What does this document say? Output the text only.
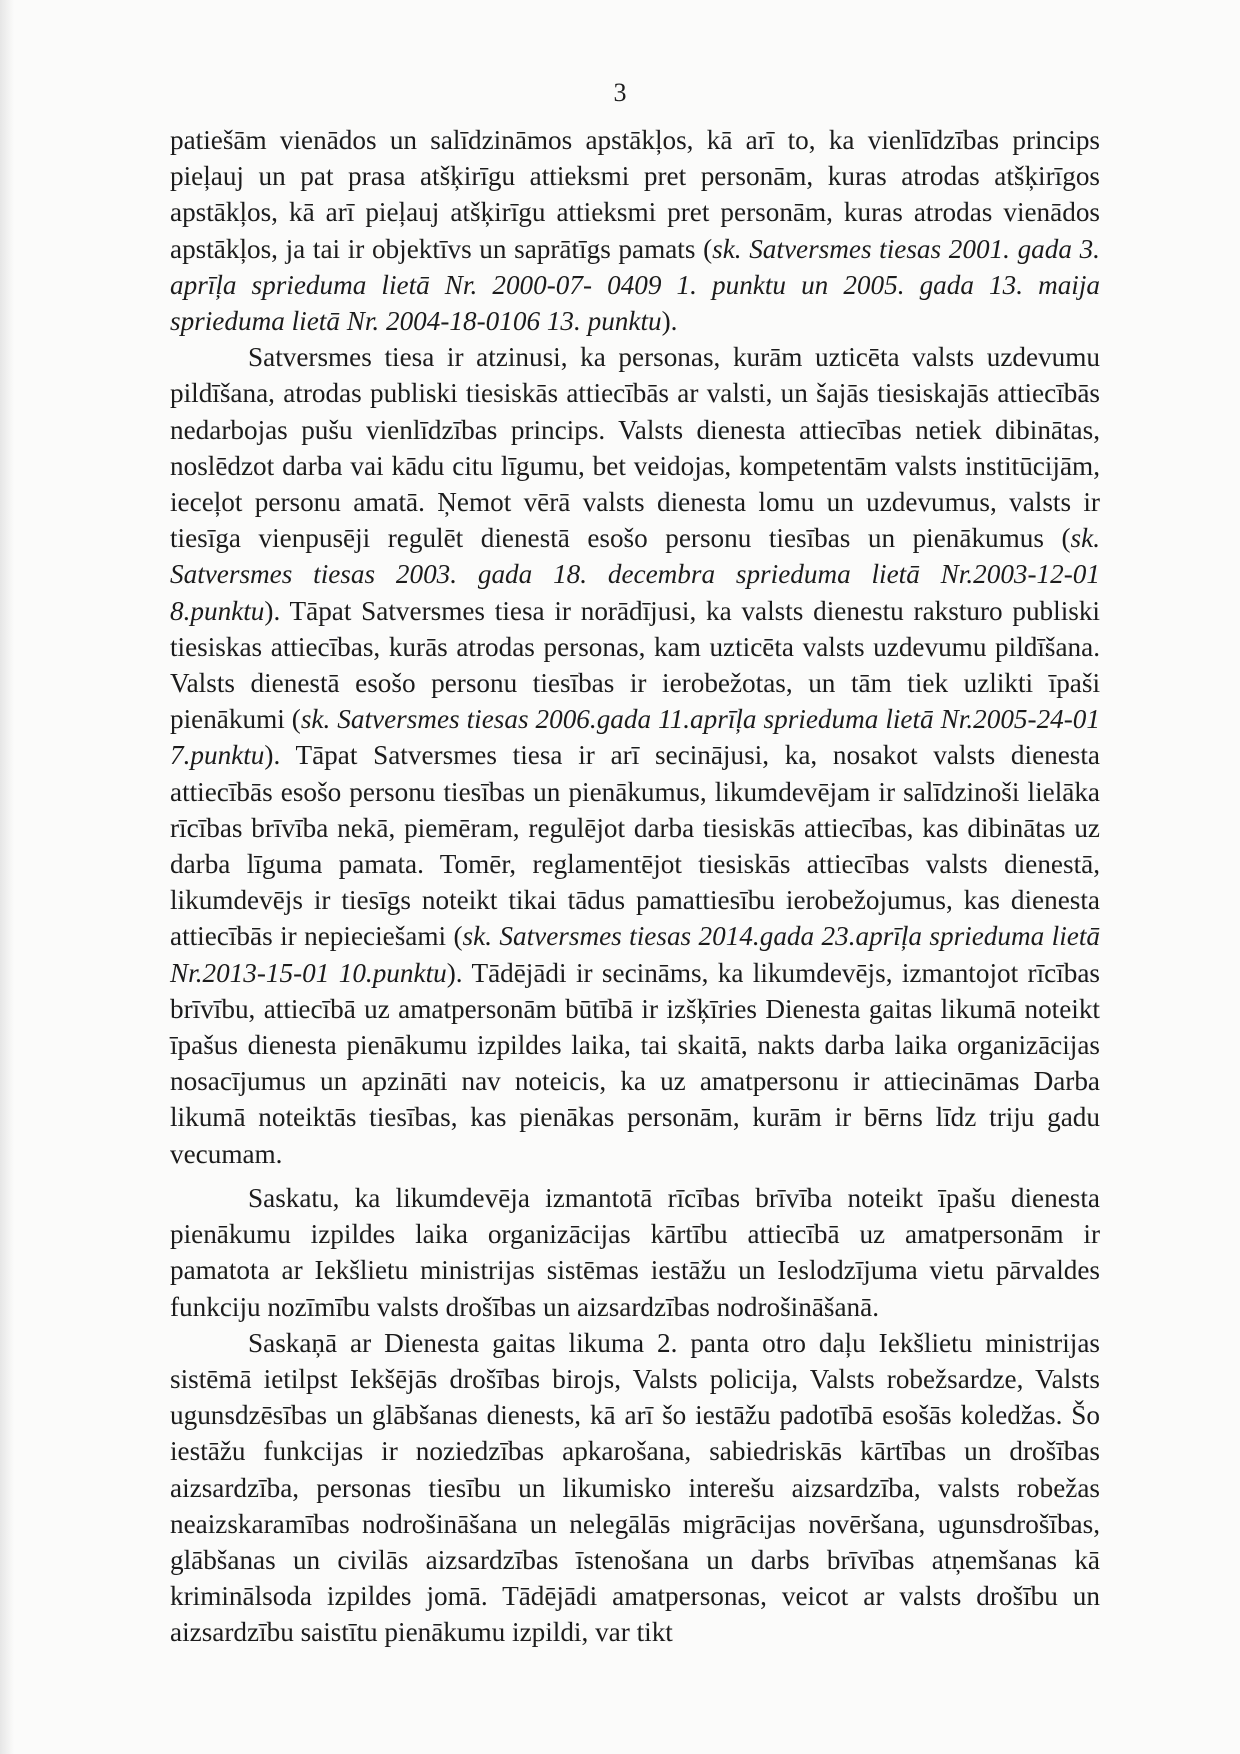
3

patiešām vienādos un salīdzināmos apstākļos, kā arī to, ka vienlīdzības princips pieļauj un pat prasa atšķirīgu attieksmi pret personām, kuras atrodas atšķirīgos apstākļos, kā arī pieļauj atšķirīgu attieksmi pret personām, kuras atrodas vienādos apstākļos, ja tai ir objektīvs un saprātīgs pamats (sk. Satversmes tiesas 2001. gada 3. aprīļa sprieduma lietā Nr. 2000-07- 0409 1. punktu un 2005. gada 13. maija sprieduma lietā Nr. 2004-18-0106 13. punktu).

Satversmes tiesa ir atzinusi, ka personas, kurām uzticēta valsts uzdevumu pildīšana, atrodas publiski tiesiskās attiecībās ar valsti, un šajās tiesiskajās attiecībās nedarbojas pušu vienlīdzības princips. Valsts dienesta attiecības netiek dibinātas, noslēdzot darba vai kādu citu līgumu, bet veidojas, kompetentām valsts institūcijām, ieceļot personu amatā. Ņemot vērā valsts dienesta lomu un uzdevumus, valsts ir tiesīga vienpusēji regulēt dienestā esošo personu tiesības un pienākumus (sk. Satversmes tiesas 2003. gada 18. decembra sprieduma lietā Nr.2003-12-01 8.punktu). Tāpat Satversmes tiesa ir norādījusi, ka valsts dienestu raksturo publiski tiesiskas attiecības, kurās atrodas personas, kam uzticēta valsts uzdevumu pildīšana. Valsts dienestā esošo personu tiesības ir ierobežotas, un tām tiek uzlikti īpaši pienākumi (sk. Satversmes tiesas 2006.gada 11.aprīļa sprieduma lietā Nr.2005-24-01 7.punktu). Tāpat Satversmes tiesa ir arī secinājusi, ka, nosakot valsts dienesta attiecībās esošo personu tiesības un pienākumus, likumdevējam ir salīdzinoši lielāka rīcības brīvība nekā, piemēram, regulējot darba tiesiskās attiecības, kas dibinātas uz darba līguma pamata. Tomēr, reglamentējot tiesiskās attiecības valsts dienestā, likumdevējs ir tiesīgs noteikt tikai tādus pamattiesību ierobežojumus, kas dienesta attiecībās ir nepieciešami (sk. Satversmes tiesas 2014.gada 23.aprīļa sprieduma lietā Nr.2013-15-01 10.punktu). Tādējādi ir secināms, ka likumdevējs, izmantojot rīcības brīvību, attiecībā uz amatpersonām būtībā ir izšķīries Dienesta gaitas likumā noteikt īpašus dienesta pienākumu izpildes laika, tai skaitā, nakts darba laika organizācijas nosacījumus un apzināti nav noteicis, ka uz amatpersonu ir attiecināmas Darba likumā noteiktās tiesības, kas pienākas personām, kurām ir bērns līdz triju gadu vecumam.

Saskatu, ka likumdevēja izmantotā rīcības brīvība noteikt īpašu dienesta pienākumu izpildes laika organizācijas kārtību attiecībā uz amatpersonām ir pamatota ar Iekšlietu ministrijas sistēmas iestāžu un Ieslodzījuma vietu pārvaldes funkciju nozīmību valsts drošības un aizsardzības nodrošināšanā.

Saskaņā ar Dienesta gaitas likuma 2. panta otro daļu Iekšlietu ministrijas sistēmā ietilpst Iekšējās drošības birojs, Valsts policija, Valsts robežsardze, Valsts ugunsdzēsības un glābšanas dienests, kā arī šo iestāžu padotībā esošās koledžas. Šo iestāžu funkcijas ir noziedzības apkarošana, sabiedriskās kārtības un drošības aizsardzība, personas tiesību un likumisko interešu aizsardzība, valsts robežas neaizskaramības nodrošināšana un nelegālās migrācijas novēršana, ugunsdrošības, glābšanas un civilās aizsardzības īstenošana un darbs brīvības atņemšanas kā kriminālsoda izpildes jomā. Tādējādi amatpersonas, veicot ar valsts drošību un aizsardzību saistītu pienākumu izpildi, var tikt
